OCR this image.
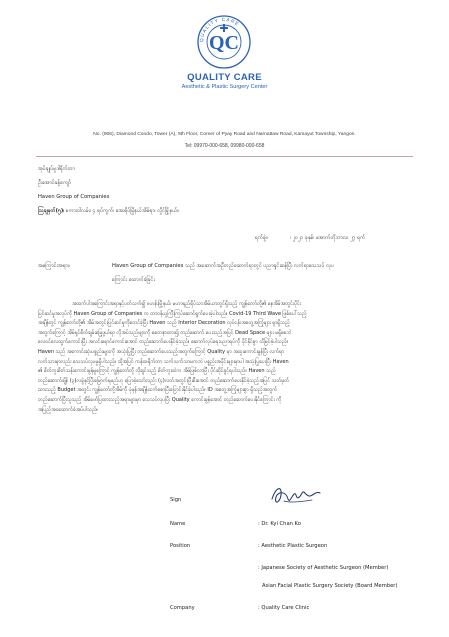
QUALITY CARE
QC
QUALITY CARE
Aesthetic & Plastic Surgery Center
No. (906), Diamond Condo, Tower (A), 9th Floor, Corner of Pyay Road and Narnattaw Road, Kamayut Township, Yangon.
Tel: 09970-000-658, 09980-000-658
အုပ်ချုပ်မှုဒါရိုက်တာ
ဦးအောင်ခန့်ကျော်
Haven Group of Companies
ဩချမှတ်(၅)၊ စကားဝါလမ်း၊ ၄ ရပ်ကွက်၊ အေးရိပ်မြိုနယ်အိမ်ရာ၊ လှိုင်မြို့နယ်။
ရက်စွဲ။	၊ ၂၀၂၁ ခုနှစ်၊ အောက်တိုဘာလ၊ ၂၇ ရက်
အကြောင်းအရာ။	Haven Group of Companies သည် အဆောက်အဦတည်ဆောက်ရာတွင် ပညာရှင်ဆန်ပြီး လက်ရာသေသပ် လုပ
ကြောင်း ထောက်ခံခြင်း
အထက်ပါအကြောင်းအရာနှင့်ပတ်သက်၍ ဗဟန်းမြို့နယ်၊ မဟာရည်ရိပ်သာအိမ်ယာတွင်ရှိသည့် ကျွန်တော်တို့၏ နေအိမ်အတွင်းပိုင်း
ပြင်ဆင်မှုအလုပ်ကို Haven Group of Companies က တာဝန်ယူကြီးကြပ်ဆောင်ရွက်ပေးခဲ့ပါသည်။ Covid-19 Third Wave ဖြစ်ပေါ်သည့်
အချိန်တွင် ကျွန်တော်တို့၏ အိမ်အတွင်းပြင်ဆင်မှုကိုစတင်ခဲ့ပြီး Haven သည် Interior Decoration လုပ်ငန်းအတွေ့အကြုံများ ရှာရှိသည့်
အတွက်ကြောင့် အိမ်ရှင်စိတ်ချမ်းမြေ့ဖွယ်ရာ လိုအပ်သည်များကို စေတနာထား၍ တည်ဆောက် ပေးသည့်အပြင် Dead Space များ မရှိစေဘဲ
လေဝင်လေထွက်ကောင်းပြီး အလင်းရောင်ကောင်းအောင် တည်ဆောက်ပေးနိုင်ခဲ့သည်။ ဆောက်လုပ်ရေးပညာရပ်ကို ပိုင်နိုင်စွာ သိမြင်ခဲ့ပါသည်။
Haven သည် အကောင်းဆုံးပစ္စည်းများကို အသုံးပြုပြီး တည်ဆောက်ပေးသည့်အတွက်ကြောင့် Quality မှာ အထူးကောင်းမွန်ပြီး လက်ရာ
လက်သားမှာလည်း သေသပ်လှပမှုရှိပါသည်။ ထို့အပြင် ကန်ထရိုက်တာ သက်သက်သာမကဘဲ ပစ္စည်းအပိုင်းများမှာပါ အသုံးပြုပေးပြီး Haven
၏ စိတ်ကူးစိတ်သန်းကောင်းမွန်မှုကြောင့် ကျွန်တော်တို့ လိုချင်သည့် စိတ်ကူးထဲက အိမ်ဖြစ်လာပြီး ပိုင်ဆိုင်ခွင့်ရပါသည်။ Haven သည်
တည်ဆောက်ချိန် (၃)လခွဲနှင့်ပြီးမြောက်ရမည်ဟု ပြောခဲ့သော်လည်း (၄)လတ်အတွင်းပြီးစီးအောင် တည်ဆောက်ပေးနိုင်ခဲ့သည့်အပြင် သတ်မှတ်
ထားသည့် Budget အတွင်း ကျွန်တော်တို့အိမ်ကို ပုံမှန်အချိန်ထက်စောပြီးပြောင်းနိုင်ခဲ့ပါသည်။ ID အတွေ့အကြုံများစွာ ရှိသည့်အတွက်
တည်ဆောက်ပြီးသူသည့် အိမ်ဖော်ပြထားသည့်အရာများမှာ သေသပ်လှပပြီး Quality ကောင်းမွန်အောင် တည်ဆောက်ပေးနိုင်ကြောင်း ကို
အပြည့်အဝထောက်ခံအပ်ပါသည်။
Sign
Name	: Dr. Kyi Chan Ko
Position	: Aesthetic Plastic Surgeon
: Japanese Society of Aesthetic Surgeon (Member)
Asian Facial Plastic Surgery Society (Board Member)
Company	: Quality Care Clinic
